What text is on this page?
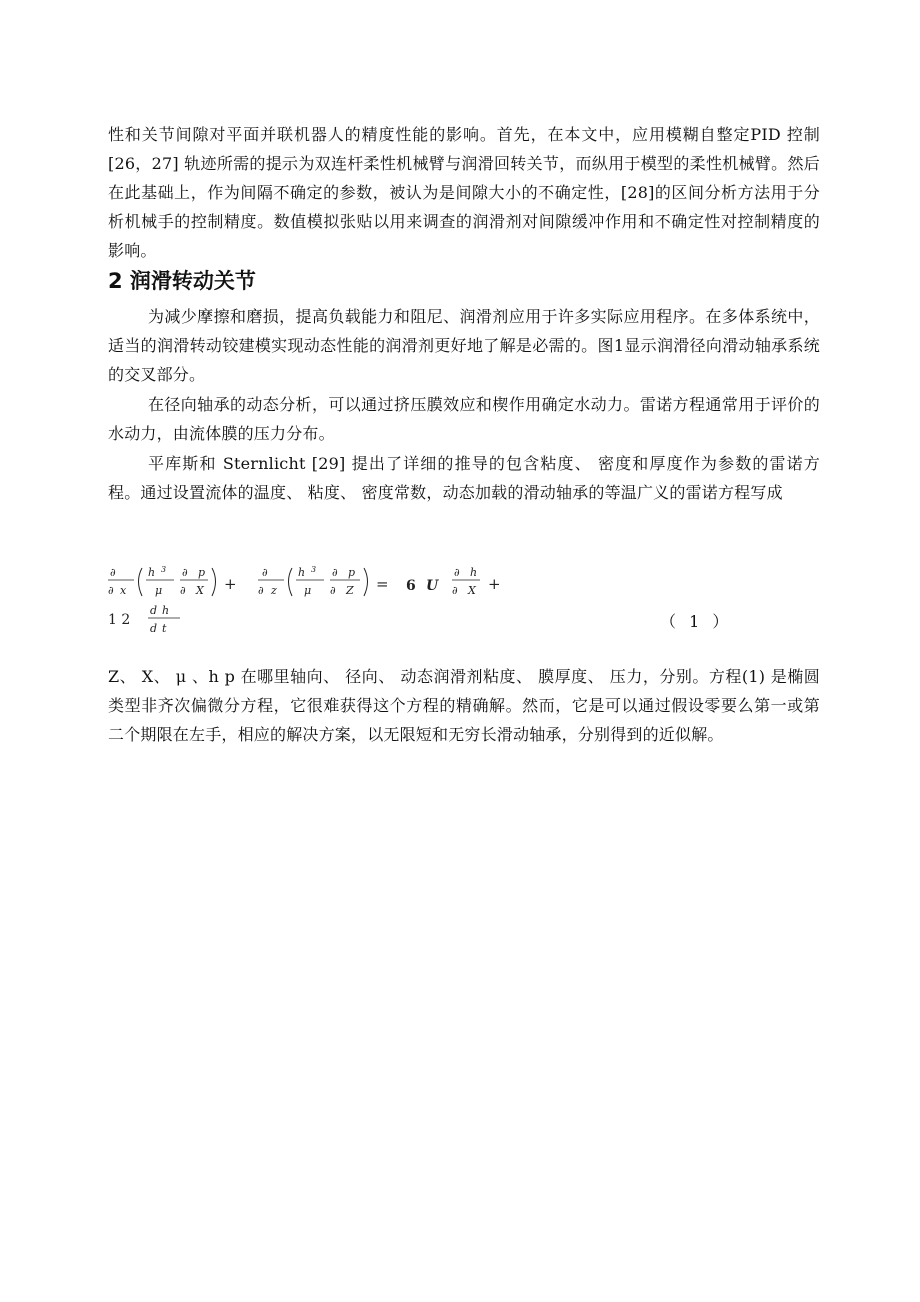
性和关节间隙对平面并联机器人的精度性能的影响。首先，在本文中，应用模糊自整定PID 控制 [26，27] 轨迹所需的提示为双连杆柔性机械臂与润滑回转关节，而纵用于模型的柔性机械臂。然后在此基础上，作为间隔不确定的参数，被认为是间隙大小的不确定性，[28]的区间分析方法用于分析机械手的控制精度。数值模拟张贴以用来调查的润滑剂对间隙缓冲作用和不确定性对控制精度的影响。

2 润滑转动关节

为减少摩擦和磨损，提高负载能力和阻尼、润滑剂应用于许多实际应用程序。在多体系统中，适当的润滑转动铰建模实现动态性能的润滑剂更好地了解是必需的。图1显示润滑径向滑动轴承系统的交叉部分。

在径向轴承的动态分析，可以通过挤压膜效应和楔作用确定水动力。雷诺方程通常用于评价的水动力，由流体膜的压力分布。

平库斯和 Sternlicht [29] 提出了详细的推导的包含粘度、 密度和厚度作为参数的雷诺方程。通过设置流体的温度、 粘度、 密度常数，动态加载的滑动轴承的等温广义的雷诺方程写成

∂
∂ x
h 3
μ
∂ p
∂ X +
∂
∂ z
h 3
μ
∂ p
∂ Z = 6 U
∂ h
∂ X +
1 2
d h
d t	（ 1 ）

Z、 X、 μ 、h p 在哪里轴向、 径向、 动态润滑剂粘度、 膜厚度、 压力，分别。方程(1) 是椭圆类型非齐次偏微分方程，它很难获得这个方程的精确解。然而，它是可以通过假设零要么第一或第二个期限在左手，相应的解决方案，以无限短和无穷长滑动轴承，分别得到的近似解。
